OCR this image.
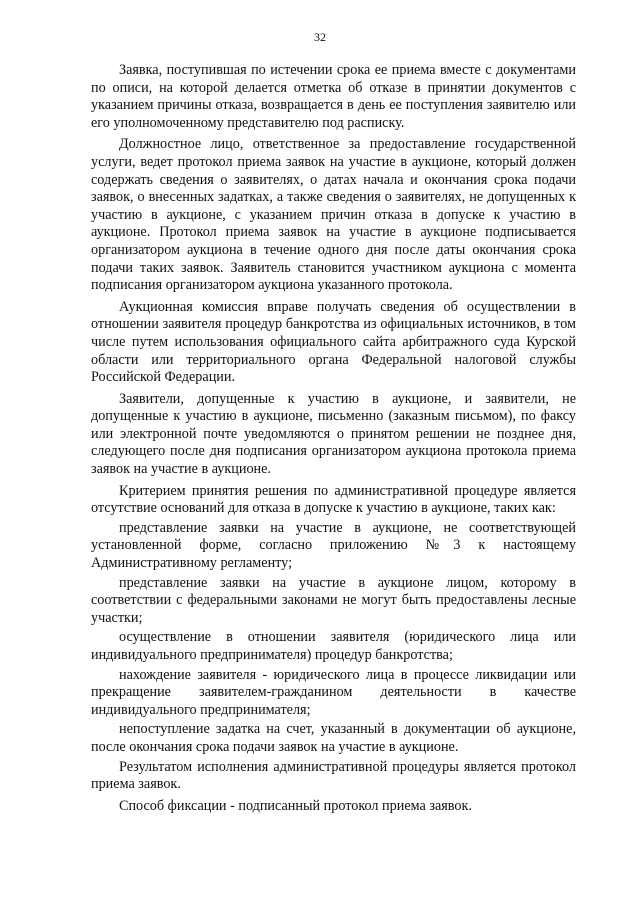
32

Заявка, поступившая по истечении срока ее приема вместе с документами по описи, на которой делается отметка об отказе в принятии документов с указанием причины отказа, возвращается в день ее поступления заявителю или его уполномоченному представителю под расписку.

Должностное лицо, ответственное за предоставление государственной услуги, ведет протокол приема заявок на участие в аукционе, который должен содержать сведения о заявителях, о датах начала и окончания срока подачи заявок, о внесенных задатках, а также сведения о заявителях, не допущенных к участию в аукционе, с указанием причин отказа в допуске к участию в аукционе. Протокол приема заявок на участие в аукционе подписывается организатором аукциона в течение одного дня после даты окончания срока подачи таких заявок. Заявитель становится участником аукциона с момента подписания организатором аукциона указанного протокола.

Аукционная комиссия вправе получать сведения об осуществлении в отношении заявителя процедур банкротства из официальных источников, в том числе путем использования официального сайта арбитражного суда Курской области или территориального органа Федеральной налоговой службы Российской Федерации.

Заявители, допущенные к участию в аукционе, и заявители, не допущенные к участию в аукционе, письменно (заказным письмом), по факсу или электронной почте уведомляются о принятом решении не позднее дня, следующего после дня подписания организатором аукциона протокола приема заявок на участие в аукционе.

Критерием принятия решения по административной процедуре является отсутствие оснований для отказа в допуске к участию в аукционе, таких как:

представление заявки на участие в аукционе, не соответствующей установленной форме, согласно приложению №3 к настоящему Административному регламенту;

представление заявки на участие в аукционе лицом, которому в соответствии с федеральными законами не могут быть предоставлены лесные участки;

осуществление в отношении заявителя (юридического лица или индивидуального предпринимателя) процедур банкротства;

нахождение заявителя - юридического лица в процессе ликвидации или прекращение заявителем-гражданином деятельности в качестве индивидуального предпринимателя;

непоступление задатка на счет, указанный в документации об аукционе, после окончания срока подачи заявок на участие в аукционе.

Результатом исполнения административной процедуры является протокол приема заявок.

Способ фиксации - подписанный протокол приема заявок.
